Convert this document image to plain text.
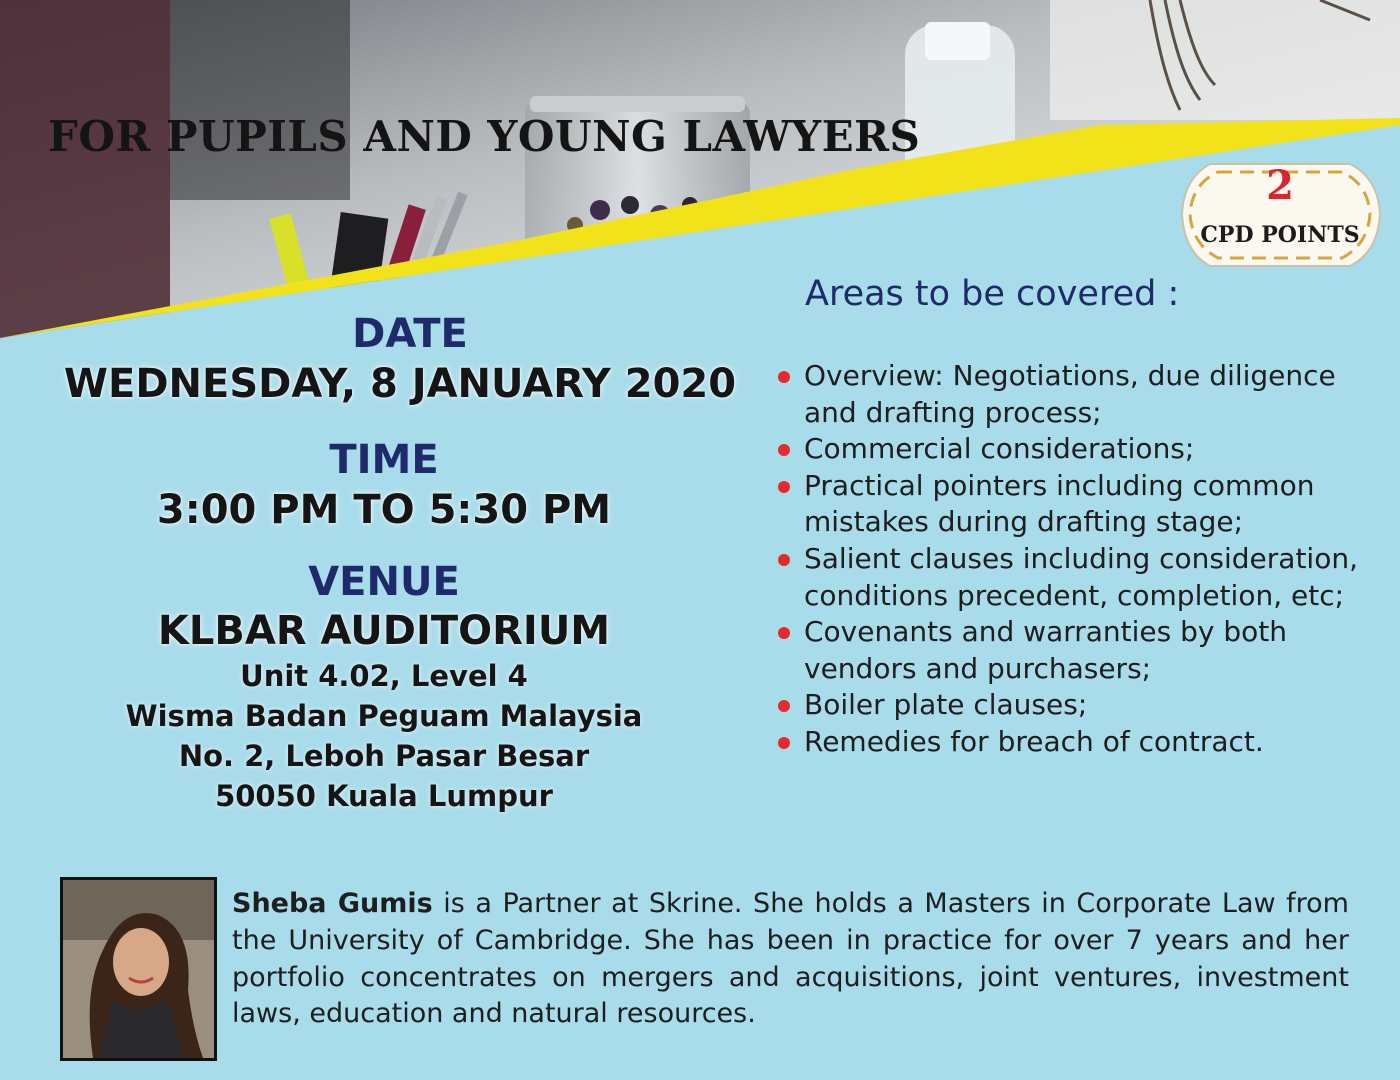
FOR PUPILS AND YOUNG LAWYERS
2
CPD POINTS

DATE

WEDNESDAY, 8 JANUARY 2020

TIME

3:00 PM TO 5:30 PM

VENUE

KLBAR AUDITORIUM

Unit 4.02, Level 4

Wisma Badan Peguam Malaysia

No. 2, Leboh Pasar Besar

50050 Kuala Lumpur

Areas to be covered :

Overview: Negotiations, due diligence and drafting process;
Commercial considerations;
Practical pointers including common mistakes during drafting stage;
Salient clauses including consideration, conditions precedent, completion, etc;
Covenants and warranties by both vendors and purchasers;
Boiler plate clauses;
Remedies for breach of contract.

Sheba Gumis is a Partner at Skrine. She holds a Masters in Corporate Law from the University of Cambridge. She has been in practice for over 7 years and her portfolio concentrates on mergers and acquisitions, joint ventures, investment laws, education and natural resources.
